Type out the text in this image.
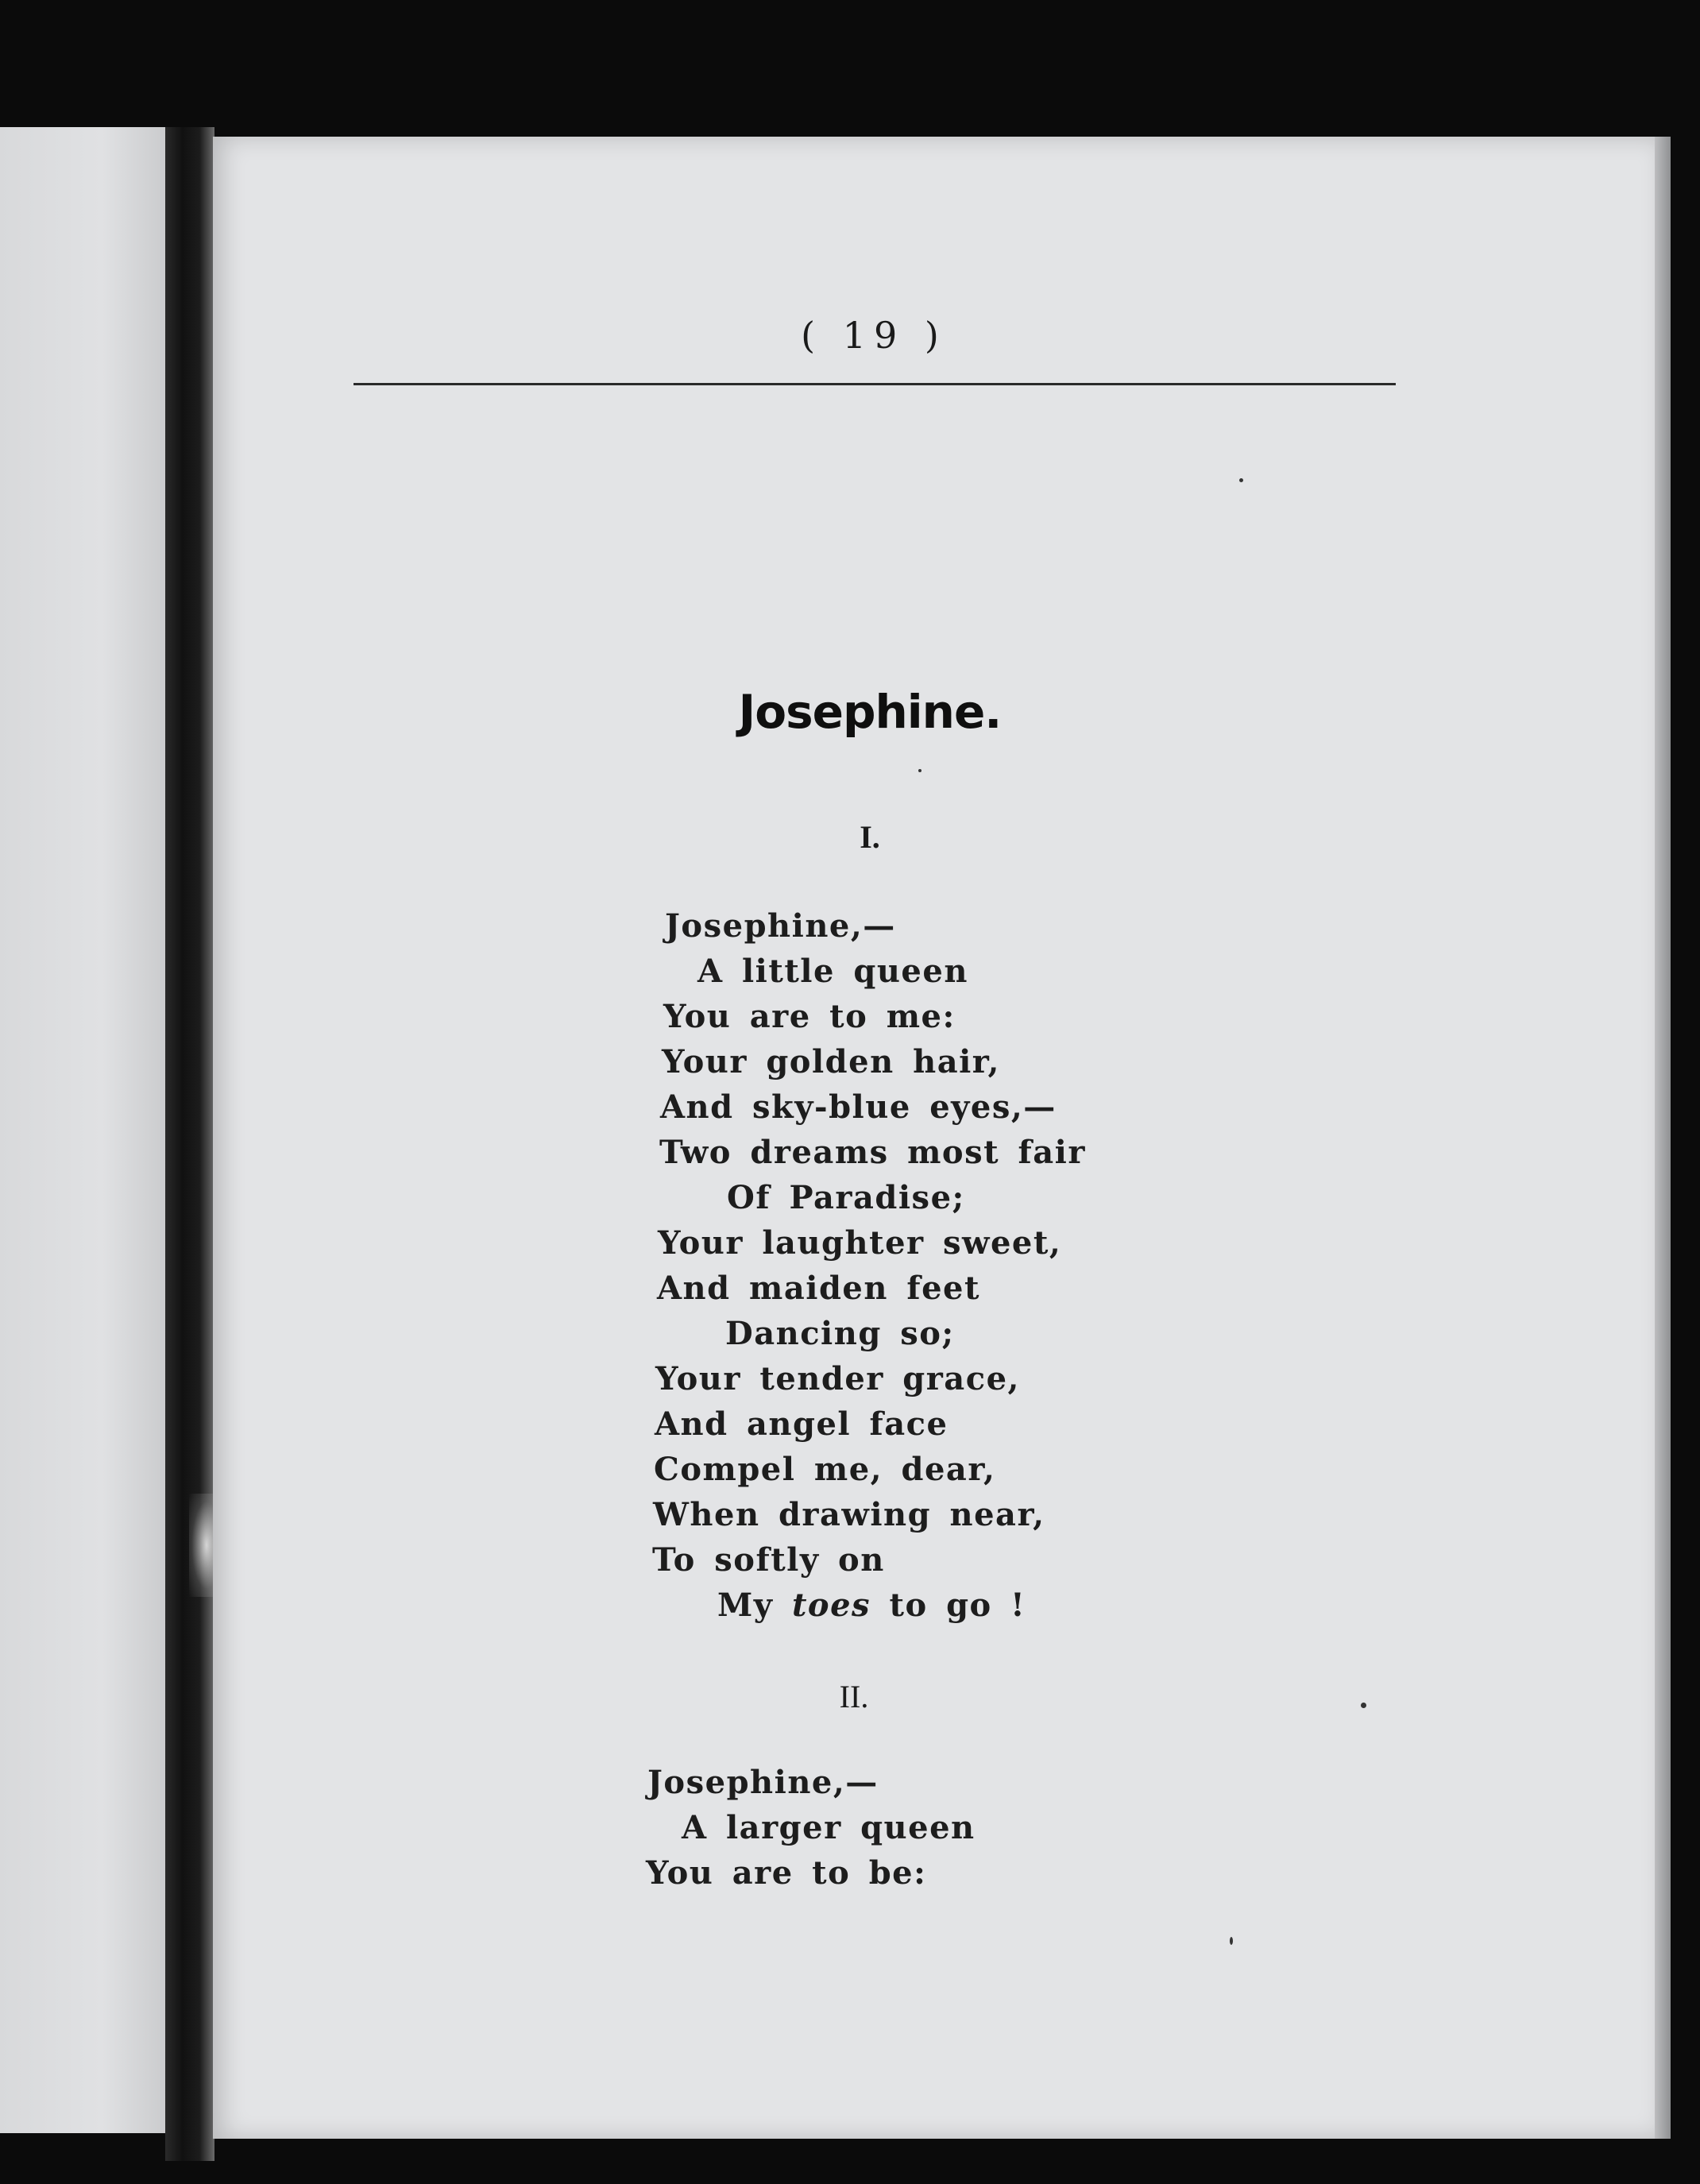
( 19 )
Josephine.
I.
Josephine,—
A little queen
You are to me:
Your golden hair,
And sky-blue eyes,—
Two dreams most fair
Of Paradise;
Your laughter sweet,
And maiden feet
Dancing so;
Your tender grace,
And angel face
Compel me, dear,
When drawing near,
To softly on
My toes to go !
II.
Josephine,—
A larger queen
You are to be:
